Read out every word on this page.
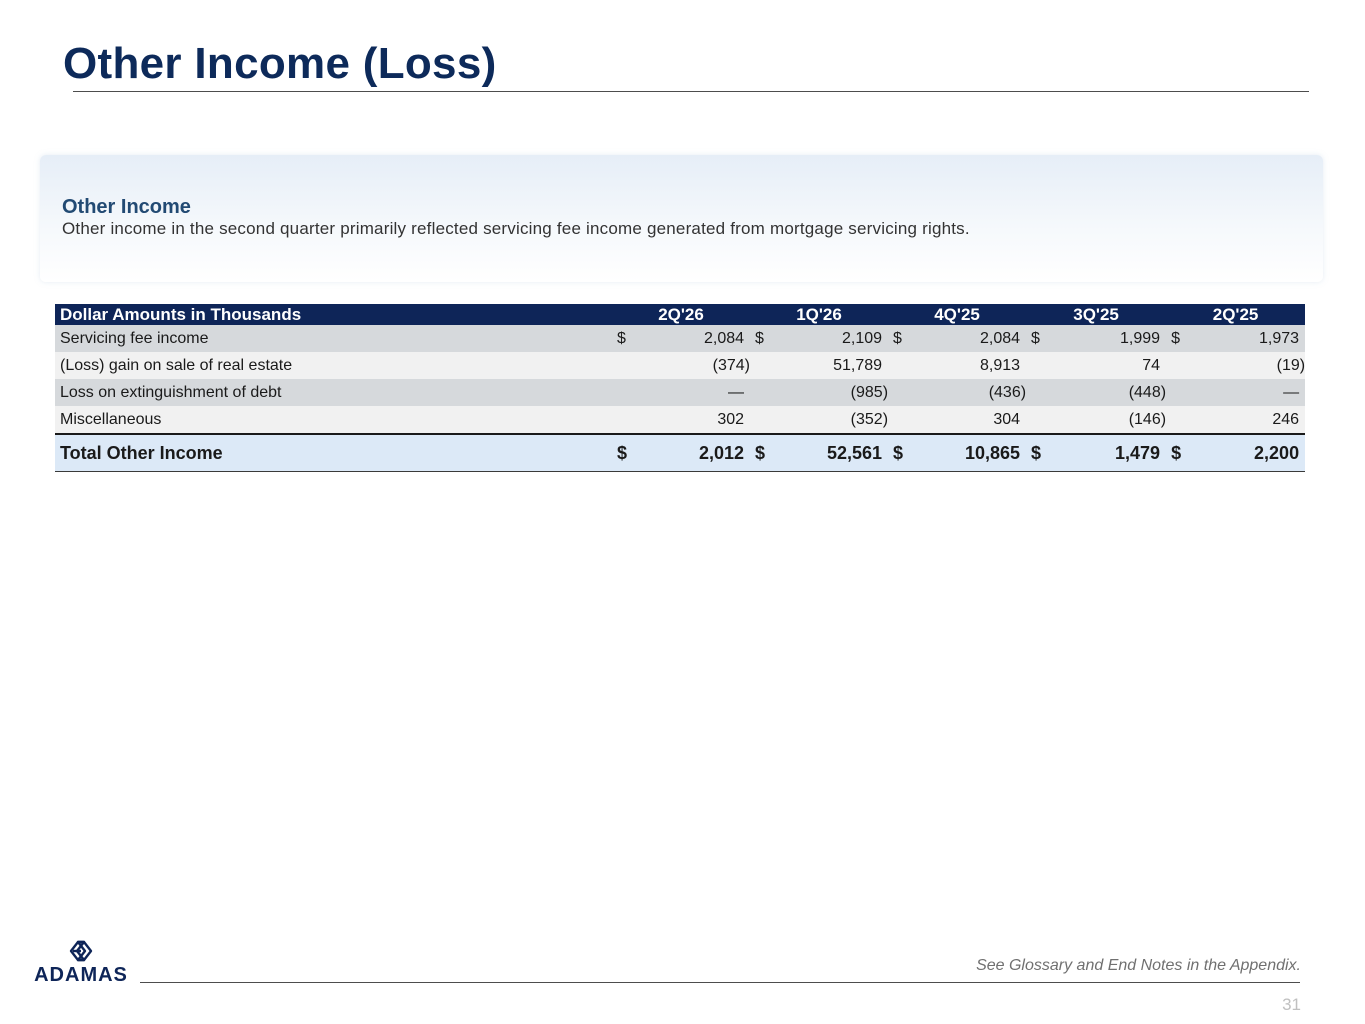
Other Income (Loss)
Other Income
Other income in the second quarter primarily reflected servicing fee income generated from mortgage servicing rights.
Dollar Amounts in Thousands	2Q'26		1Q'26		4Q'25		3Q'25		2Q'25	
Servicing fee income	$	2,084	$	2,109	$	2,084	$	1,999	$	1,973
(Loss) gain on sale of real estate		(374)		51,789		8,913		74		(19)
Loss on extinguishment of debt		—		(985)		(436)		(448)		—
Miscellaneous		302		(352)		304		(146)		246
Total Other Income	$	2,012	$	52,561	$	10,865	$	1,479	$	2,200
ADAMAS	See Glossary and End Notes in the Appendix.
31
